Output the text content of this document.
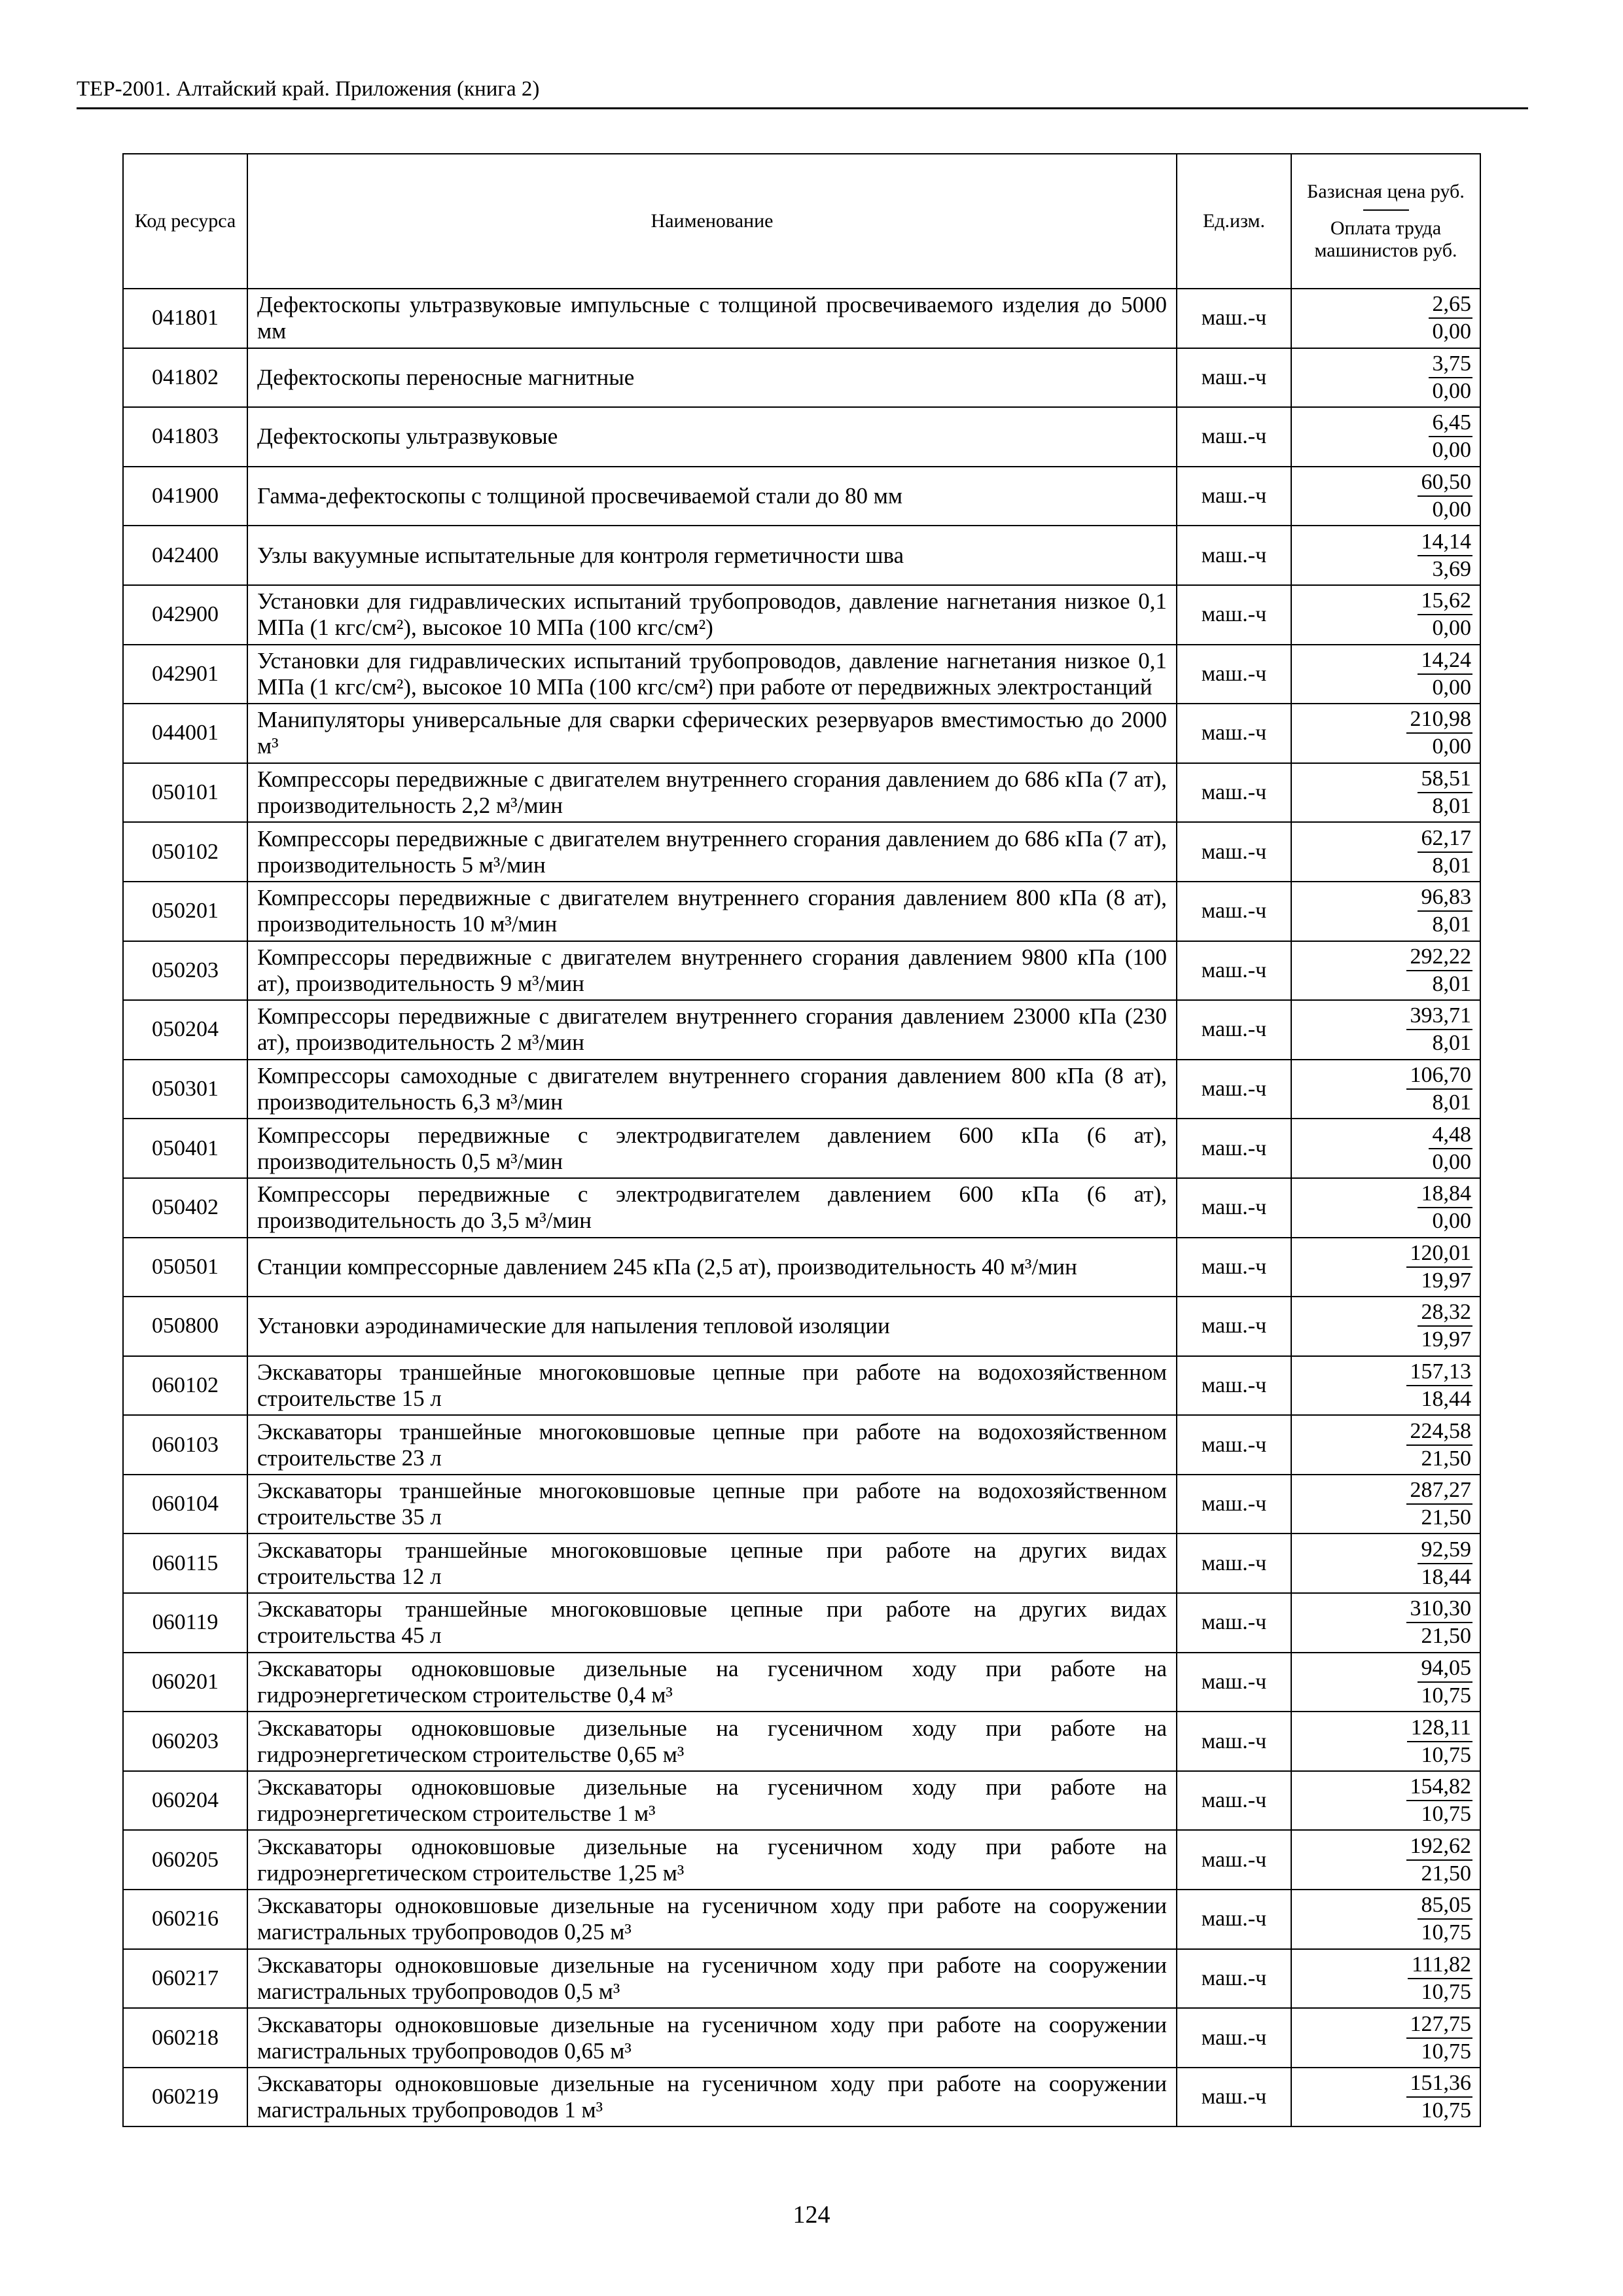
ТЕР-2001. Алтайский край. Приложения (книга 2)
Код ресурса	Наименование	Ед.изм.	Базисная цена руб.
Оплата труда машинистов руб.

041801	Дефектоскопы ультразвуковые импульсные с толщиной просвечиваемого изделия до 5000 мм	маш.-ч	$\frac{2,65}{0,00}$

041802	Дефектоскопы переносные магнитные	маш.-ч	$\frac{3,75}{0,00}$

041803	Дефектоскопы ультразвуковые	маш.-ч	$\frac{6,45}{0,00}$

041900	Гамма-дефектоскопы с толщиной просвечиваемой стали до 80 мм	маш.-ч	$\frac{60,50}{0,00}$

042400	Узлы вакуумные испытательные для контроля герметичности шва	маш.-ч	$\frac{14,14}{3,69}$

042900	Установки для гидравлических испытаний трубопроводов, давление нагнетания низкое 0,1 МПа (1 кгс/см²), высокое 10 МПа (100 кгс/см²)	маш.-ч	$\frac{15,62}{0,00}$

042901	Установки для гидравлических испытаний трубопроводов, давление нагнетания низкое 0,1 МПа (1 кгс/см²), высокое 10 МПа (100 кгс/см²) при работе от передвижных электростанций	маш.-ч	$\frac{14,24}{0,00}$

044001	Манипуляторы универсальные для сварки сферических резервуаров вместимостью до 2000 м³	маш.-ч	$\frac{210,98}{0,00}$

050101	Компрессоры передвижные с двигателем внутреннего сгорания давлением до 686 кПа (7 ат), производительность 2,2 м³/мин	маш.-ч	$\frac{58,51}{8,01}$

050102	Компрессоры передвижные с двигателем внутреннего сгорания давлением до 686 кПа (7 ат), производительность 5 м³/мин	маш.-ч	$\frac{62,17}{8,01}$

050201	Компрессоры передвижные с двигателем внутреннего сгорания давлением 800 кПа (8 ат), производительность 10 м³/мин	маш.-ч	$\frac{96,83}{8,01}$

050203	Компрессоры передвижные с двигателем внутреннего сгорания давлением 9800 кПа (100 ат), производительность 9 м³/мин	маш.-ч	$\frac{292,22}{8,01}$

050204	Компрессоры передвижные с двигателем внутреннего сгорания давлением 23000 кПа (230 ат), производительность 2 м³/мин	маш.-ч	$\frac{393,71}{8,01}$

050301	Компрессоры самоходные с двигателем внутреннего сгорания давлением 800 кПа (8 ат), производительность 6,3 м³/мин	маш.-ч	$\frac{106,70}{8,01}$

050401	Компрессоры передвижные с электродвигателем давлением 600 кПа (6 ат), производительность 0,5 м³/мин	маш.-ч	$\frac{4,48}{0,00}$

050402	Компрессоры передвижные с электродвигателем давлением 600 кПа (6 ат), производительность до 3,5 м³/мин	маш.-ч	$\frac{18,84}{0,00}$

050501	Станции компрессорные давлением 245 кПа (2,5 ат), производительность 40 м³/мин	маш.-ч	$\frac{120,01}{19,97}$

050800	Установки аэродинамические для напыления тепловой изоляции	маш.-ч	$\frac{28,32}{19,97}$

060102	Экскаваторы траншейные многоковшовые цепные при работе на водохозяйственном строительстве 15 л	маш.-ч	$\frac{157,13}{18,44}$

060103	Экскаваторы траншейные многоковшовые цепные при работе на водохозяйственном строительстве 23 л	маш.-ч	$\frac{224,58}{21,50}$

060104	Экскаваторы траншейные многоковшовые цепные при работе на водохозяйственном строительстве 35 л	маш.-ч	$\frac{287,27}{21,50}$

060115	Экскаваторы траншейные многоковшовые цепные при работе на других видах строительства 12 л	маш.-ч	$\frac{92,59}{18,44}$

060119	Экскаваторы траншейные многоковшовые цепные при работе на других видах строительства 45 л	маш.-ч	$\frac{310,30}{21,50}$

060201	Экскаваторы одноковшовые дизельные на гусеничном ходу при работе на гидроэнергетическом строительстве 0,4 м³	маш.-ч	$\frac{94,05}{10,75}$

060203	Экскаваторы одноковшовые дизельные на гусеничном ходу при работе на гидроэнергетическом строительстве 0,65 м³	маш.-ч	$\frac{128,11}{10,75}$

060204	Экскаваторы одноковшовые дизельные на гусеничном ходу при работе на гидроэнергетическом строительстве 1 м³	маш.-ч	$\frac{154,82}{10,75}$

060205	Экскаваторы одноковшовые дизельные на гусеничном ходу при работе на гидроэнергетическом строительстве 1,25 м³	маш.-ч	$\frac{192,62}{21,50}$

060216	Экскаваторы одноковшовые дизельные на гусеничном ходу при работе на сооружении магистральных трубопроводов 0,25 м³	маш.-ч	$\frac{85,05}{10,75}$

060217	Экскаваторы одноковшовые дизельные на гусеничном ходу при работе на сооружении магистральных трубопроводов 0,5 м³	маш.-ч	$\frac{111,82}{10,75}$

060218	Экскаваторы одноковшовые дизельные на гусеничном ходу при работе на сооружении магистральных трубопроводов 0,65 м³	маш.-ч	$\frac{127,75}{10,75}$

060219	Экскаваторы одноковшовые дизельные на гусеничном ходу при работе на сооружении магистральных трубопроводов 1 м³	маш.-ч	$\frac{151,36}{10,75}$
124
